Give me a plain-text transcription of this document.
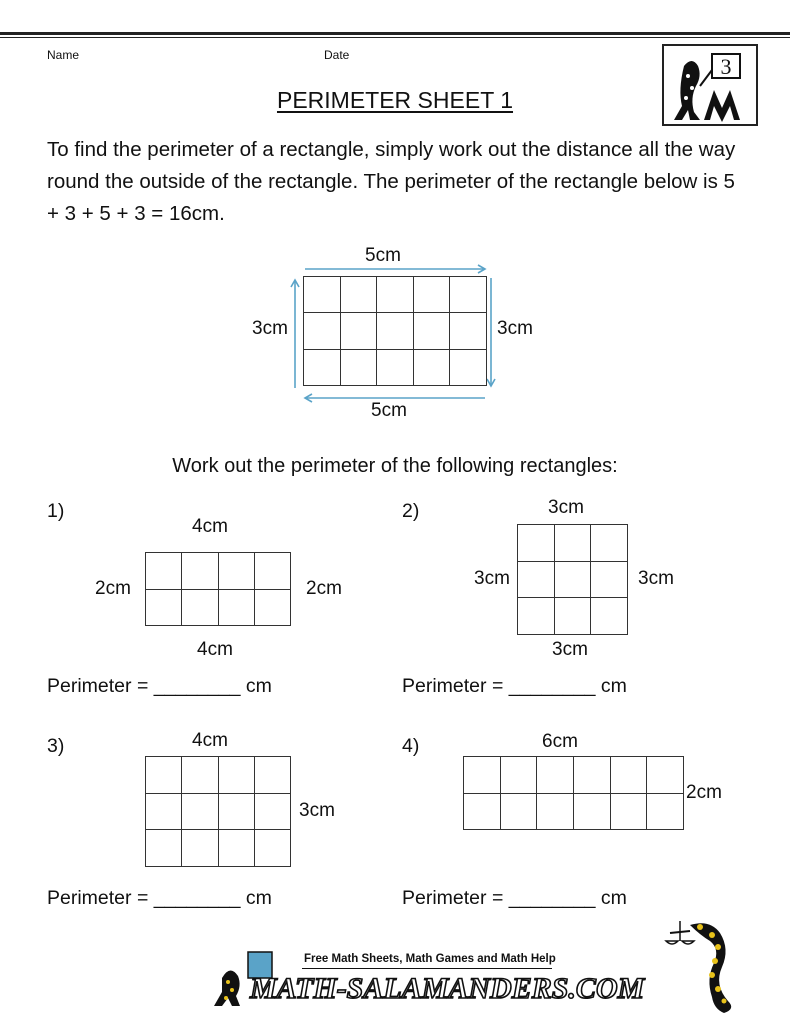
Name	Date	3
PERIMETER SHEET 1
To find the perimeter of a rectangle, simply work out the distance all the way round the outside of the rectangle. The perimeter of the rectangle below is 5 + 3 + 5 + 3 = 16cm.
5cm
3cm	3cm
5cm

Work out the perimeter of the following rectangles:
1)
4cm
2cm	2cm
4cm

Perimeter = ________ cm
2)	3cm
3cm	3cm
3cm

Perimeter = ________ cm
3)	4cm
3cm

Perimeter = ________ cm
4)	6cm
2cm

Perimeter = ________ cm
Free Math Sheets, Math Games and Math Help
MATH-SALAMANDERS.COM
